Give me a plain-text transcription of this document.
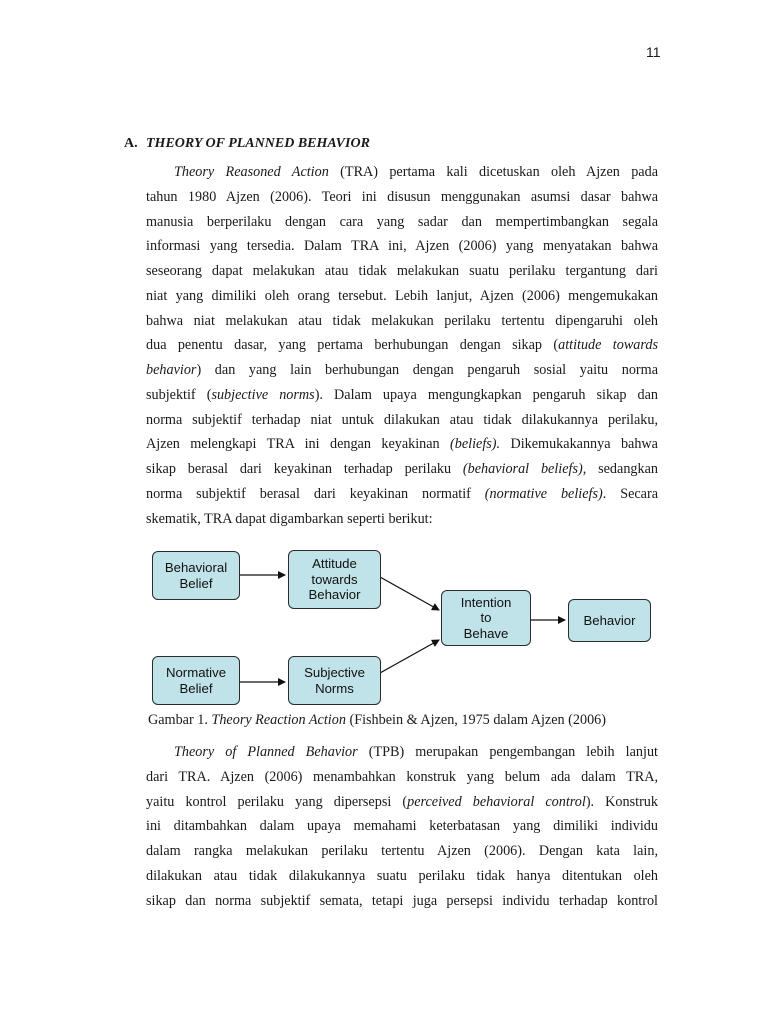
11
A. THEORY OF PLANNED BEHAVIOR
Theory Reasoned Action (TRA) pertama kali dicetuskan oleh Ajzen pada
tahun 1980 Ajzen (2006). Teori ini disusun menggunakan asumsi dasar bahwa
manusia berperilaku dengan cara yang sadar dan mempertimbangkan segala
informasi yang tersedia. Dalam TRA ini, Ajzen (2006) yang menyatakan bahwa
seseorang dapat melakukan atau tidak melakukan suatu perilaku tergantung dari
niat yang dimiliki oleh orang tersebut. Lebih lanjut, Ajzen (2006) mengemukakan
bahwa niat melakukan atau tidak melakukan perilaku tertentu dipengaruhi oleh
dua penentu dasar, yang pertama berhubungan dengan sikap (attitude towards
behavior) dan yang lain berhubungan dengan pengaruh sosial yaitu norma
subjektif (subjective norms). Dalam upaya mengungkapkan pengaruh sikap dan
norma subjektif terhadap niat untuk dilakukan atau tidak dilakukannya perilaku,
Ajzen melengkapi TRA ini dengan keyakinan (beliefs). Dikemukakannya bahwa
sikap berasal dari keyakinan terhadap perilaku (behavioral beliefs), sedangkan
norma subjektif berasal dari keyakinan normatif (normative beliefs). Secara
skematik, TRA dapat digambarkan seperti berikut:
Behavioral
Belief
Attitude
towards
Behavior
Normative
Belief
Subjective
Norms
Intention
to
Behave
Behavior
Gambar 1. Theory Reaction Action (Fishbein & Ajzen, 1975 dalam Ajzen (2006)
Theory of Planned Behavior (TPB) merupakan pengembangan lebih lanjut
dari TRA. Ajzen (2006) menambahkan konstruk yang belum ada dalam TRA,
yaitu kontrol perilaku yang dipersepsi (perceived behavioral control). Konstruk
ini ditambahkan dalam upaya memahami keterbatasan yang dimiliki individu
dalam rangka melakukan perilaku tertentu Ajzen (2006). Dengan kata lain,
dilakukan atau tidak dilakukannya suatu perilaku tidak hanya ditentukan oleh
sikap dan norma subjektif semata, tetapi juga persepsi individu terhadap kontrol
